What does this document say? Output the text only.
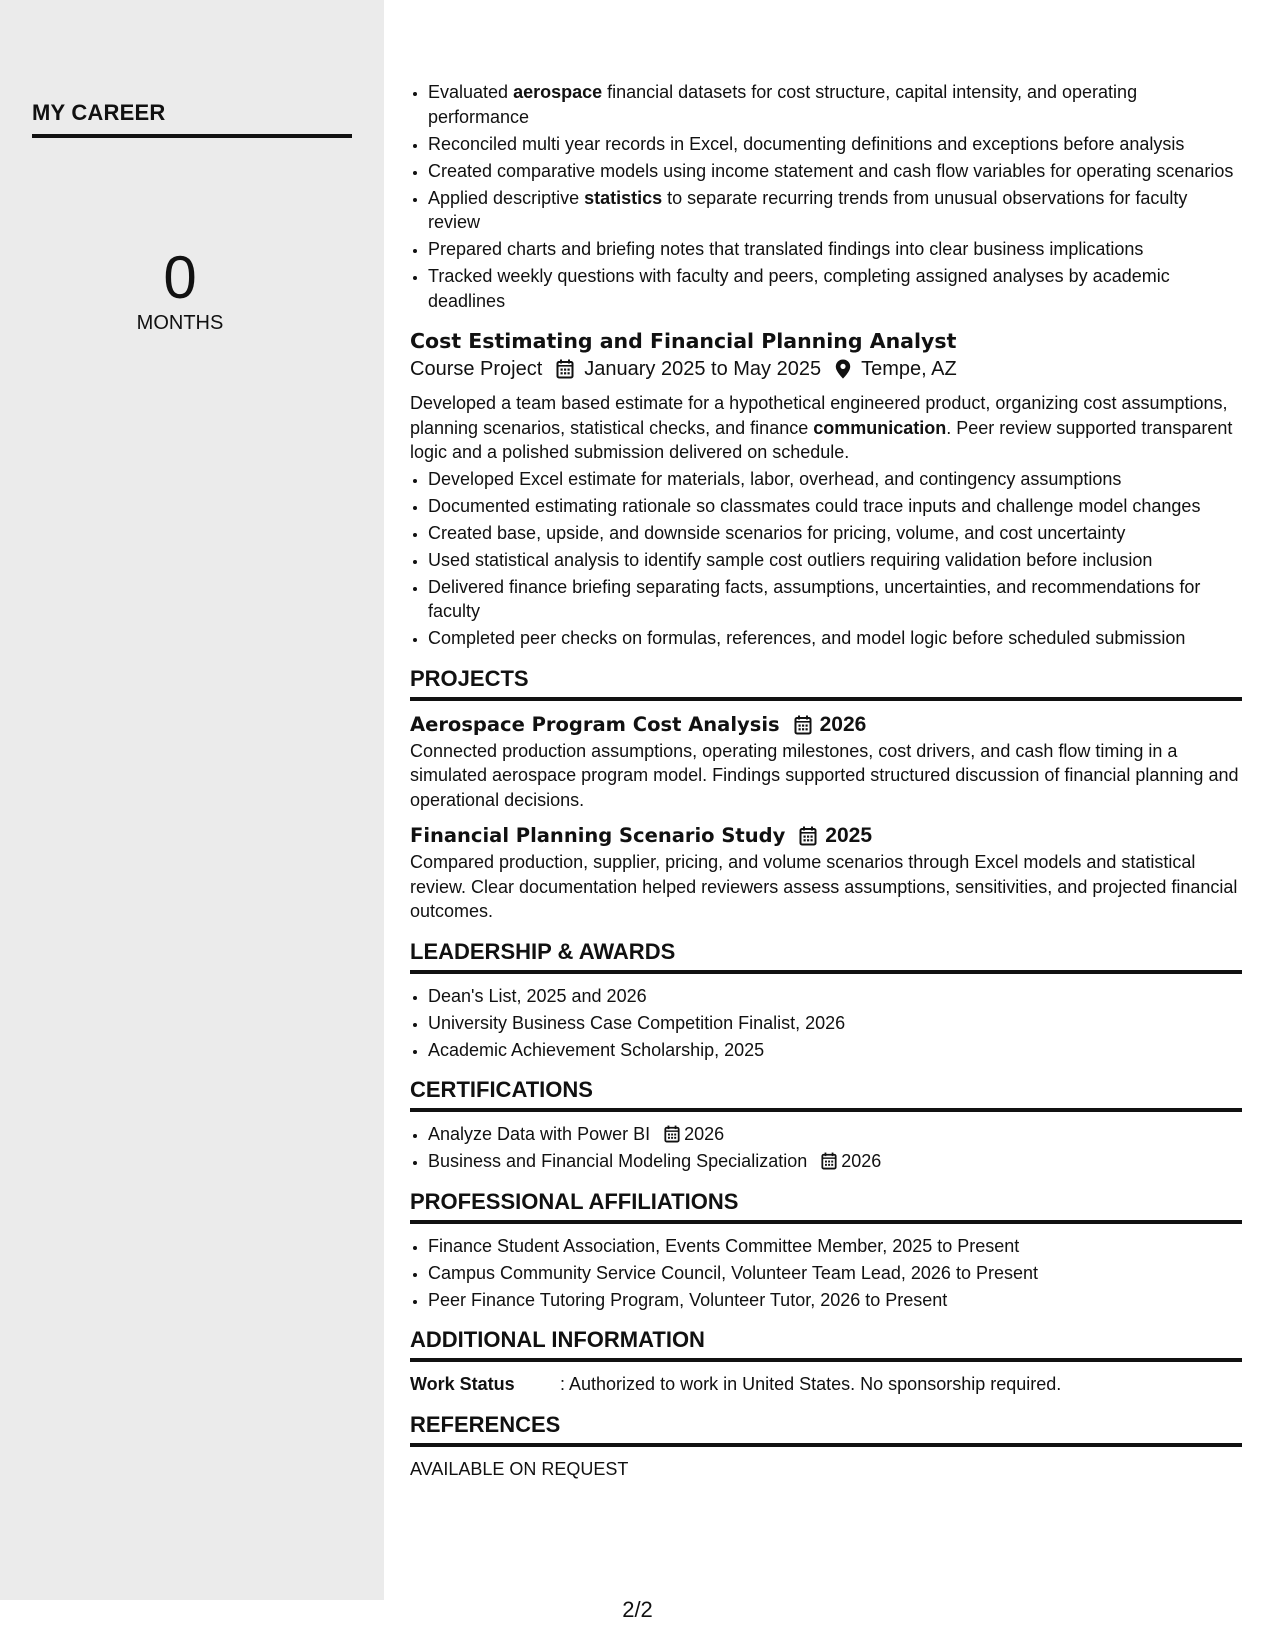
MY CAREER
0
MONTHS
• Evaluated aerospace financial datasets for cost structure, capital intensity, and operating performance
• Reconciled multi year records in Excel, documenting definitions and exceptions before analysis
• Created comparative models using income statement and cash flow variables for operating scenarios
• Applied descriptive statistics to separate recurring trends from unusual observations for faculty review
• Prepared charts and briefing notes that translated findings into clear business implications
• Tracked weekly questions with faculty and peers, completing assigned analyses by academic deadlines
Cost Estimating and Financial Planning Analyst
Course Project January 2025 to May 2025 Tempe, AZ
Developed a team based estimate for a hypothetical engineered product, organizing cost assumptions, planning scenarios, statistical checks, and finance communication. Peer review supported transparent logic and a polished submission delivered on schedule.
• Developed Excel estimate for materials, labor, overhead, and contingency assumptions
• Documented estimating rationale so classmates could trace inputs and challenge model changes
• Created base, upside, and downside scenarios for pricing, volume, and cost uncertainty
• Used statistical analysis to identify sample cost outliers requiring validation before inclusion
• Delivered finance briefing separating facts, assumptions, uncertainties, and recommendations for faculty
• Completed peer checks on formulas, references, and model logic before scheduled submission
PROJECTS
Aerospace Program Cost Analysis 2026
Connected production assumptions, operating milestones, cost drivers, and cash flow timing in a simulated aerospace program model. Findings supported structured discussion of financial planning and operational decisions.
Financial Planning Scenario Study 2025
Compared production, supplier, pricing, and volume scenarios through Excel models and statistical review. Clear documentation helped reviewers assess assumptions, sensitivities, and projected financial outcomes.
LEADERSHIP & AWARDS
• Dean's List, 2025 and 2026
• University Business Case Competition Finalist, 2026
• Academic Achievement Scholarship, 2025
CERTIFICATIONS
• Analyze Data with Power BI 2026
• Business and Financial Modeling Specialization 2026
PROFESSIONAL AFFILIATIONS
• Finance Student Association, Events Committee Member, 2025 to Present
• Campus Community Service Council, Volunteer Team Lead, 2026 to Present
• Peer Finance Tutoring Program, Volunteer Tutor, 2026 to Present
ADDITIONAL INFORMATION
Work Status	: Authorized to work in United States. No sponsorship required.
REFERENCES
AVAILABLE ON REQUEST
2/2
